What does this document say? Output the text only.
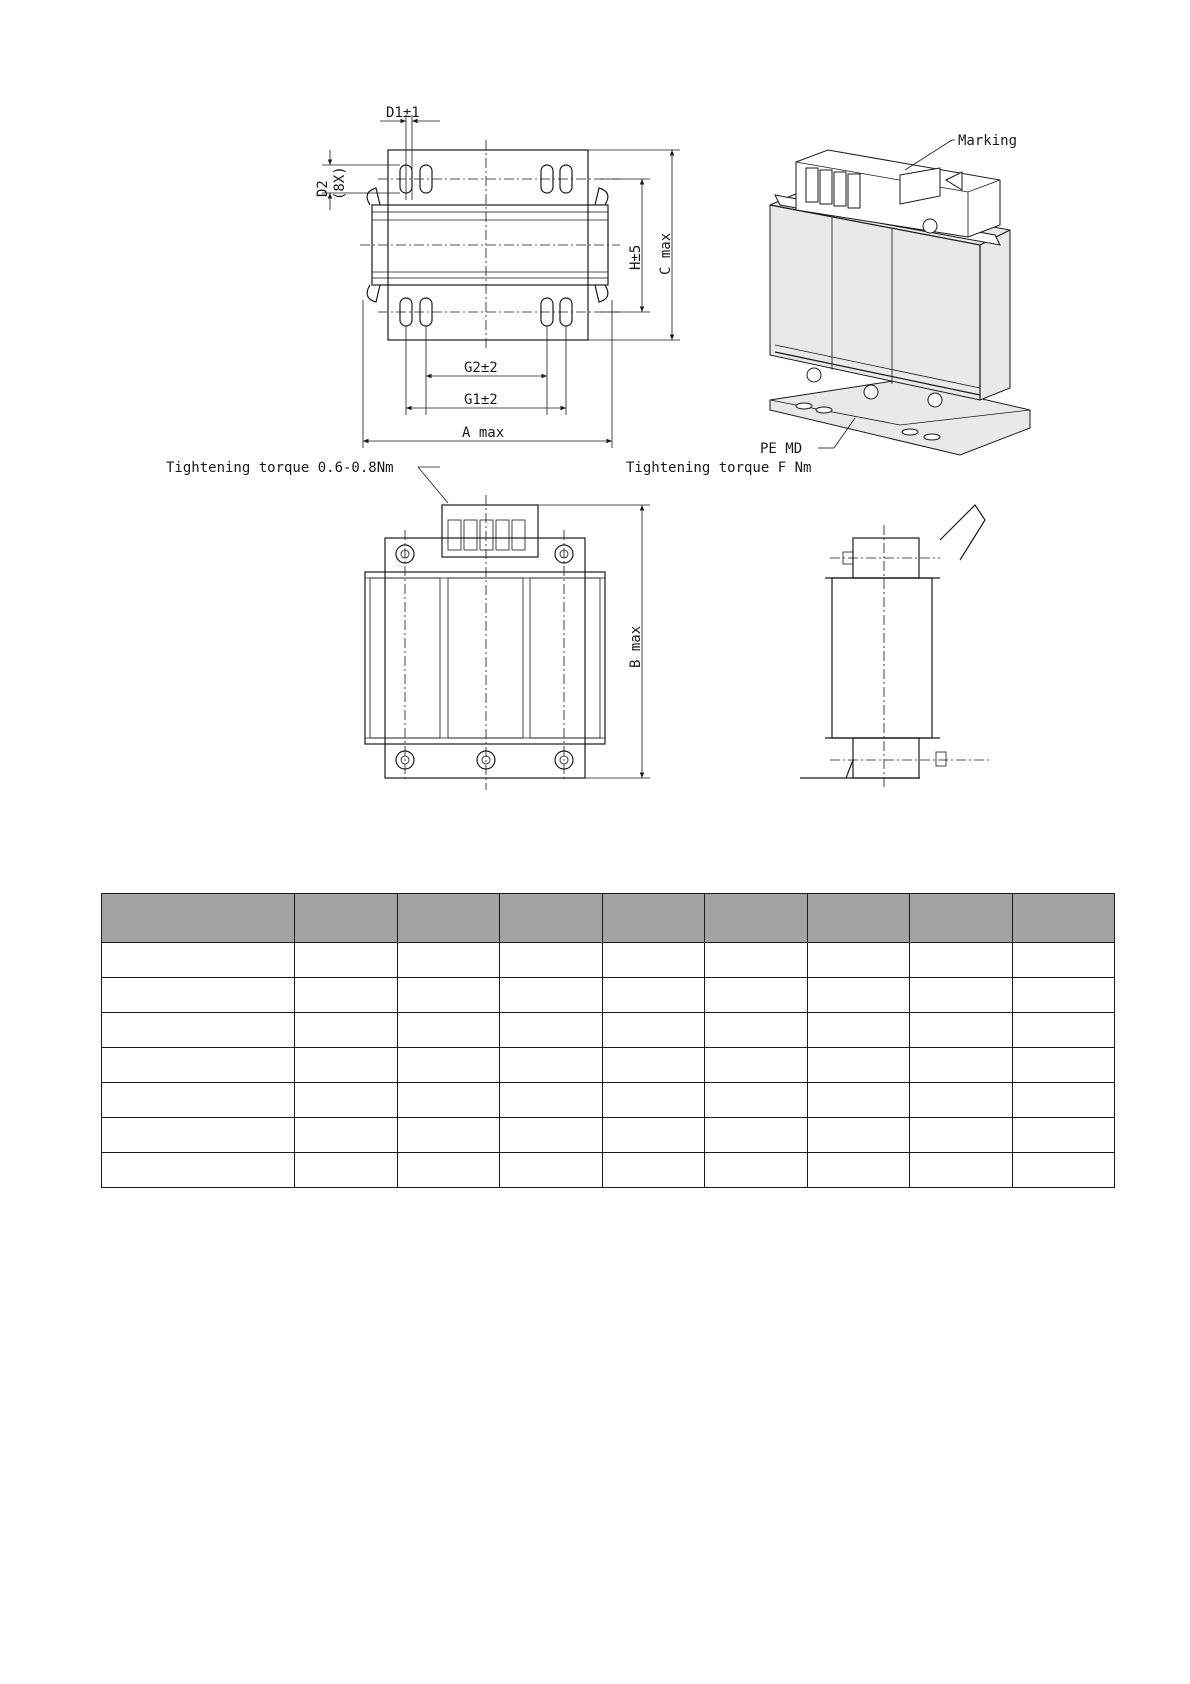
D1±1
D2 (8X)
H±5 C max
G2±2
G1±2
A max
Marking
PE MD
Tightening torque 0.6-0.8Nm	Tightening torque F Nm
B max
